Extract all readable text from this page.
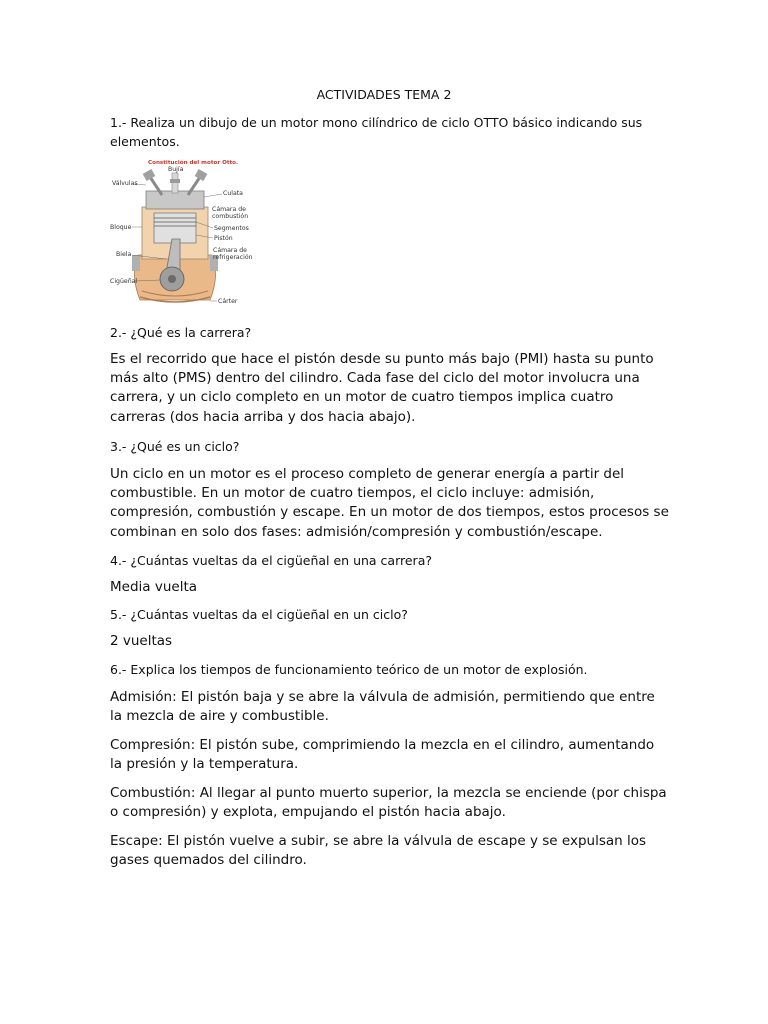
ACTIVIDADES TEMA 2
1.- Realiza un dibujo de un motor mono cilíndrico de ciclo OTTO básico indicando sus elementos.
Constitución del motor Otto.
Bujía
Válvulas
Culata
Cámara de
combustión
Segmentos
Bloque
Pistón
Cámara de
refrigeración
Biela
Cigüeñal
Cárter
2.- ¿Qué es la carrera?
Es el recorrido que hace el pistón desde su punto más bajo (PMI) hasta su punto más alto (PMS) dentro del cilindro. Cada fase del ciclo del motor involucra una carrera, y un ciclo completo en un motor de cuatro tiempos implica cuatro carreras (dos hacia arriba y dos hacia abajo).
3.- ¿Qué es un ciclo?
Un ciclo en un motor es el proceso completo de generar energía a partir del combustible. En un motor de cuatro tiempos, el ciclo incluye: admisión, compresión, combustión y escape. En un motor de dos tiempos, estos procesos se combinan en solo dos fases: admisión/compresión y combustión/escape.
4.- ¿Cuántas vueltas da el cigüeñal en una carrera?
Media vuelta
5.- ¿Cuántas vueltas da el cigüeñal en un ciclo?
2 vueltas
6.- Explica los tiempos de funcionamiento teórico de un motor de explosión.
Admisión: El pistón baja y se abre la válvula de admisión, permitiendo que entre la mezcla de aire y combustible.
Compresión: El pistón sube, comprimiendo la mezcla en el cilindro, aumentando la presión y la temperatura.
Combustión: Al llegar al punto muerto superior, la mezcla se enciende (por chispa o compresión) y explota, empujando el pistón hacia abajo.
Escape: El pistón vuelve a subir, se abre la válvula de escape y se expulsan los gases quemados del cilindro.
